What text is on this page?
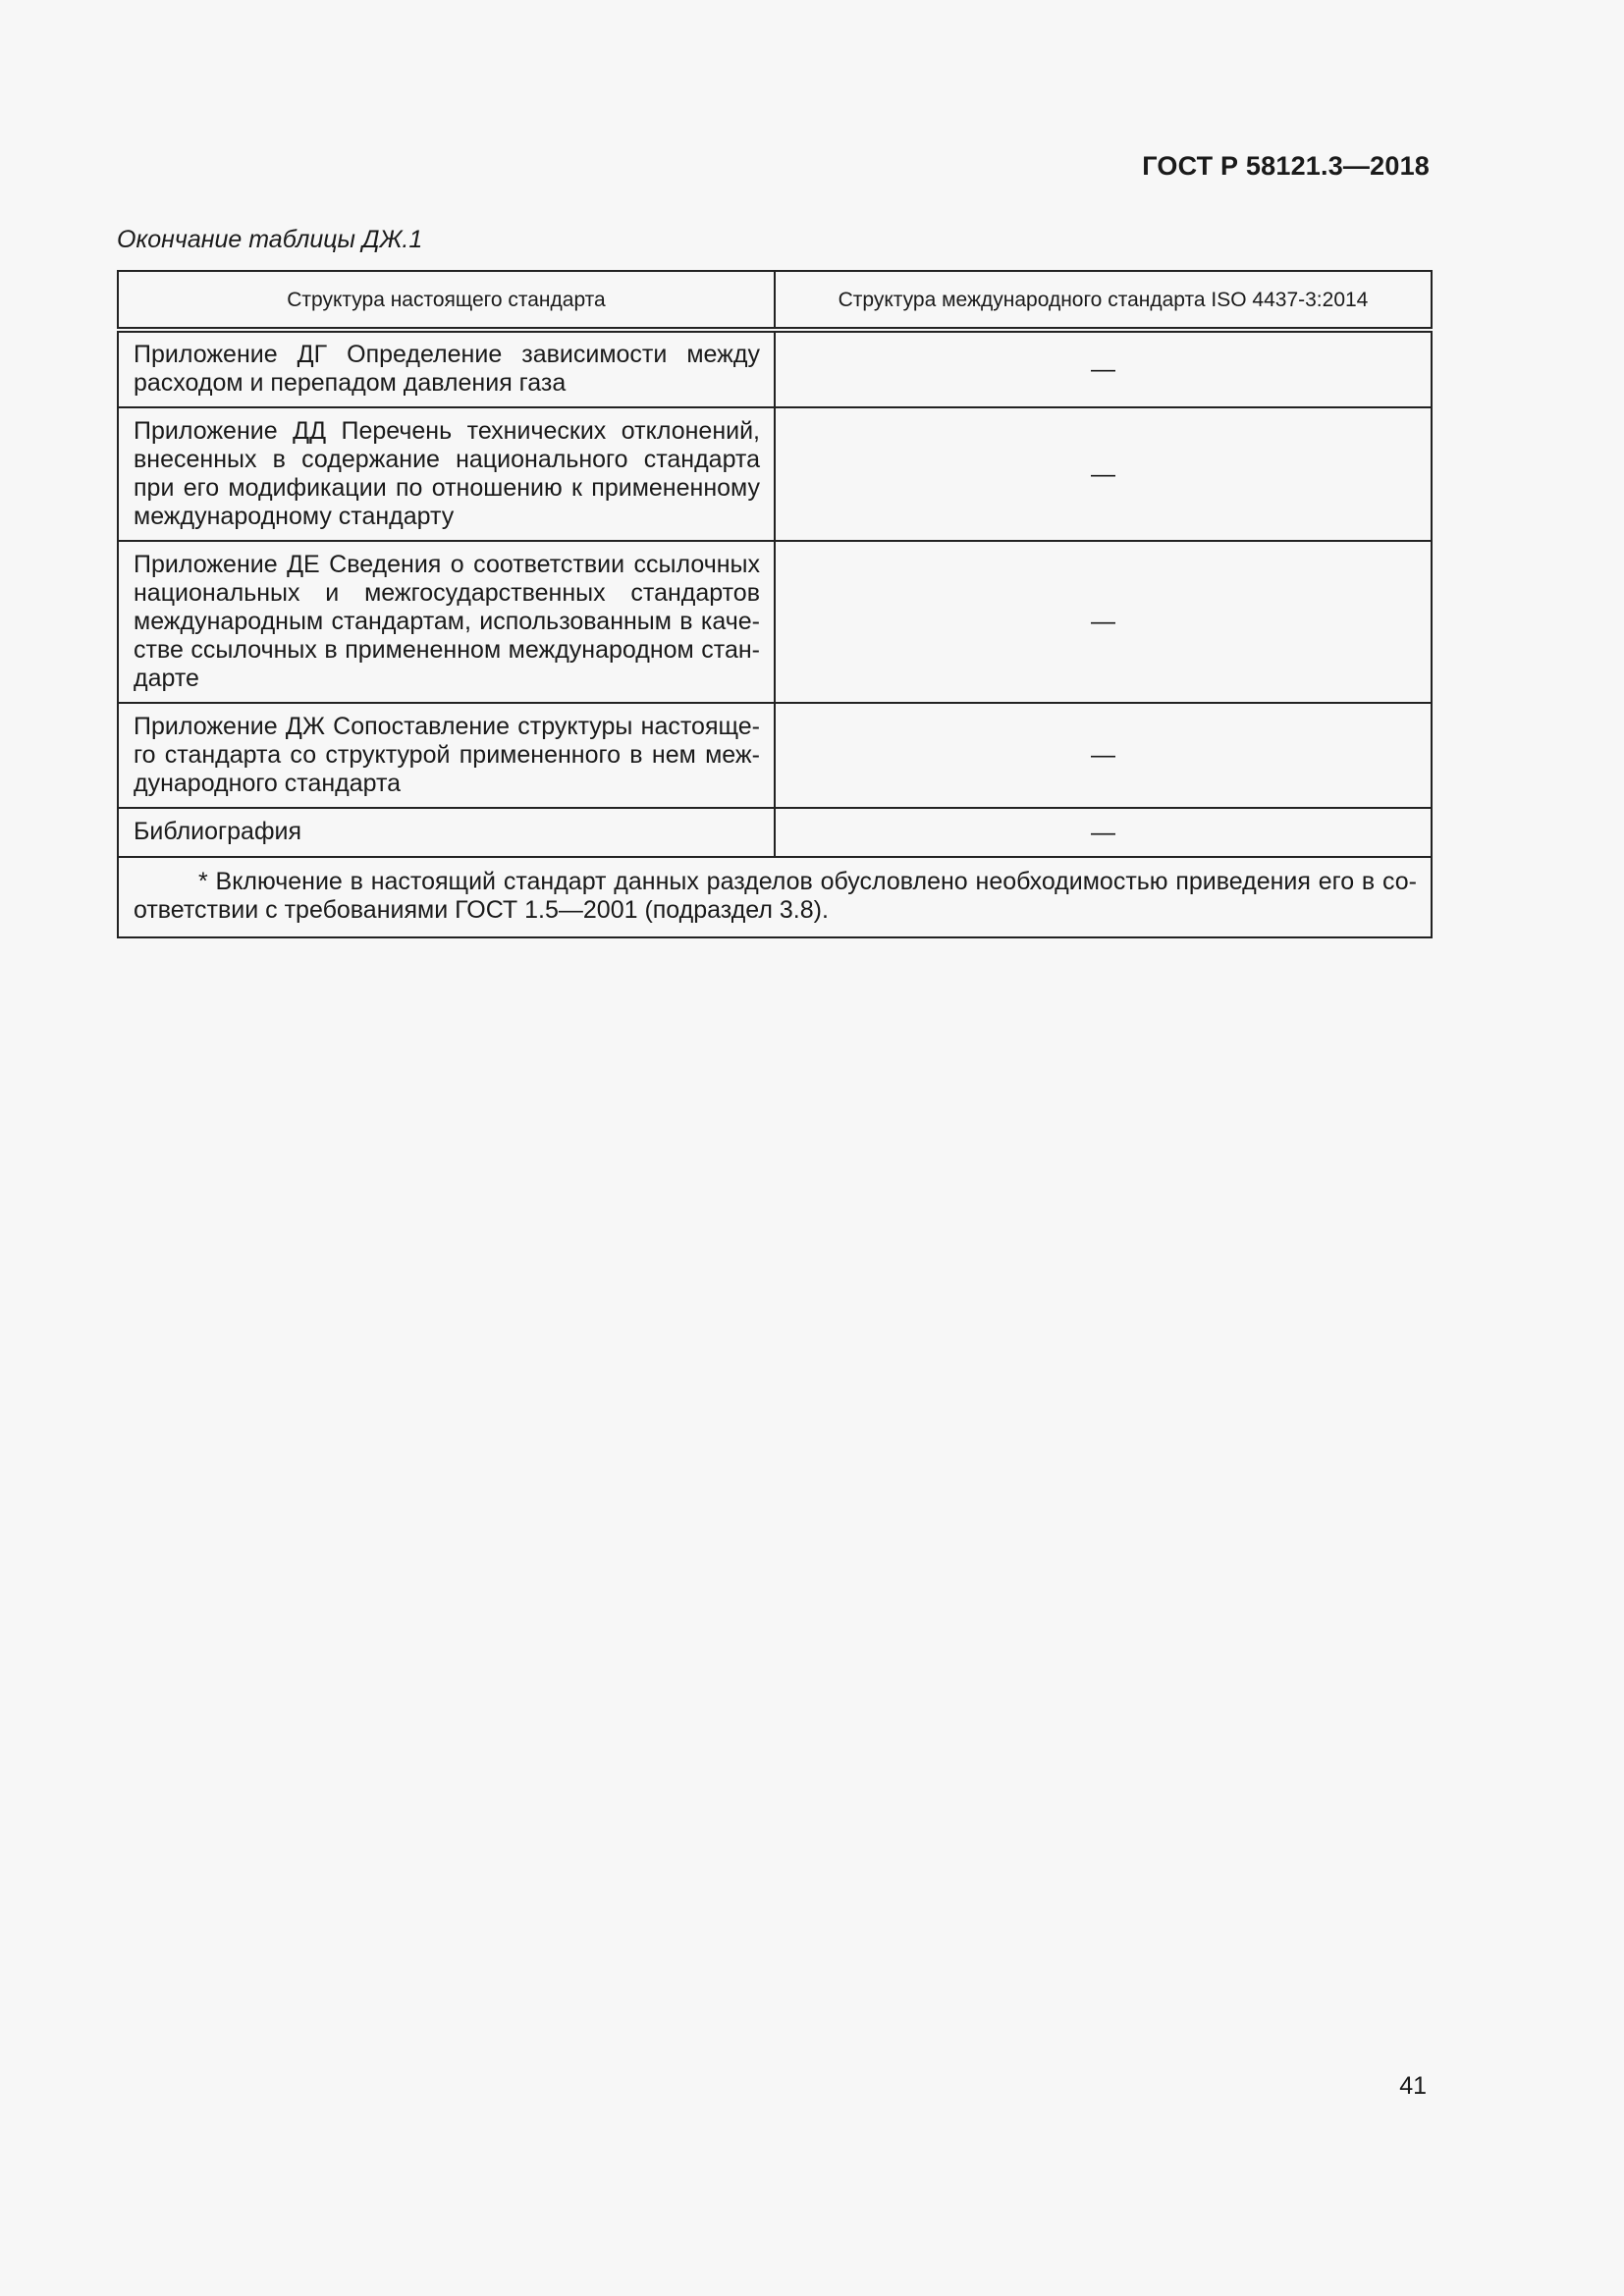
ГОСТ Р 58121.3—2018
Окончание таблицы ДЖ.1
Структура настоящего стандарта	Структура международного стандарта ISO 4437-3:2014
Приложение ДГ Определение зависимости между расходом и перепадом давления газа	—
Приложение ДД Перечень технических отклонений, внесенных в содержание национального стандарта при его модификации по отношению к примененному международному стандарту	—
Приложение ДЕ Сведения о соответствии ссылочных национальных и межгосударственных стандартов международным стандартам, использованным в качестве ссылочных в примененном международном стандарте	—
Приложение ДЖ Сопоставление структуры настоящего стандарта со структурой примененного в нем международного стандарта	—
Библиография	—
* Включение в настоящий стандарт данных разделов обусловлено необходимостью приведения его в соответствии с требованиями ГОСТ 1.5—2001 (подраздел 3.8).	
41
